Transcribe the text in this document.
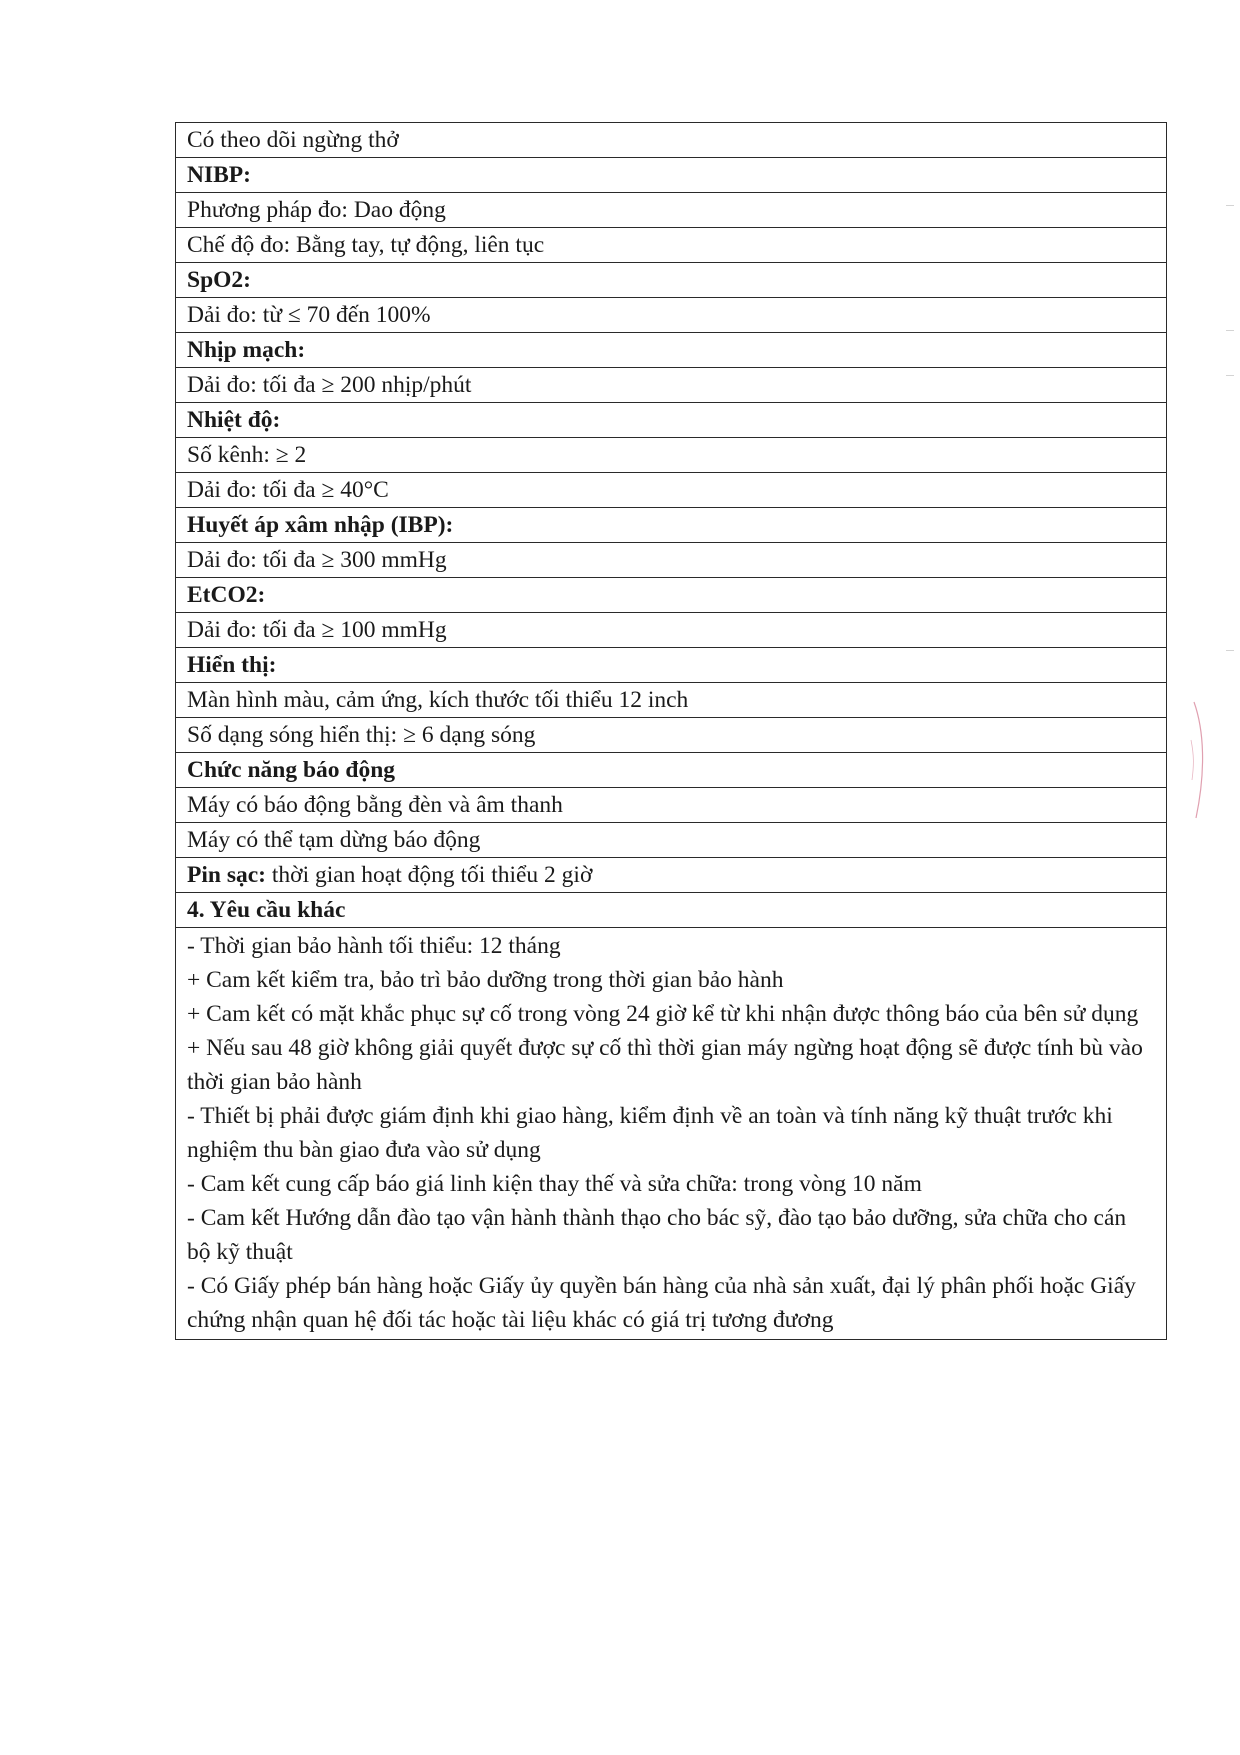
Có theo dõi ngừng thở
NIBP:
Phương pháp đo: Dao động
Chế độ đo: Bằng tay, tự động, liên tục
SpO2:
Dải đo: từ ≤ 70 đến 100%
Nhịp mạch:
Dải đo: tối đa ≥ 200 nhịp/phút
Nhiệt độ:
Số kênh: ≥ 2
Dải đo: tối đa ≥ 40°C
Huyết áp xâm nhập (IBP):
Dải đo: tối đa ≥ 300 mmHg
EtCO2:
Dải đo: tối đa ≥ 100 mmHg
Hiển thị:
Màn hình màu, cảm ứng, kích thước tối thiểu 12 inch
Số dạng sóng hiển thị: ≥ 6 dạng sóng
Chức năng báo động
Máy có báo động bằng đèn và âm thanh
Máy có thể tạm dừng báo động
Pin sạc: thời gian hoạt động tối thiểu 2 giờ
4. Yêu cầu khác

- Thời gian bảo hành tối thiểu: 12 tháng
+ Cam kết kiểm tra, bảo trì bảo dưỡng trong thời gian bảo hành
+ Cam kết có mặt khắc phục sự cố trong vòng 24 giờ kể từ khi nhận được thông báo của bên sử dụng
+ Nếu sau 48 giờ không giải quyết được sự cố thì thời gian máy ngừng hoạt động sẽ được tính bù vào thời gian bảo hành
- Thiết bị phải được giám định khi giao hàng, kiểm định về an toàn và tính năng kỹ thuật trước khi nghiệm thu bàn giao đưa vào sử dụng
- Cam kết cung cấp báo giá linh kiện thay thế và sửa chữa: trong vòng 10 năm
- Cam kết Hướng dẫn đào tạo vận hành thành thạo cho bác sỹ, đào tạo bảo dưỡng, sửa chữa cho cán bộ kỹ thuật
- Có Giấy phép bán hàng hoặc Giấy ủy quyền bán hàng của nhà sản xuất, đại lý phân phối hoặc Giấy chứng nhận quan hệ đối tác hoặc tài liệu khác có giá trị tương đương
